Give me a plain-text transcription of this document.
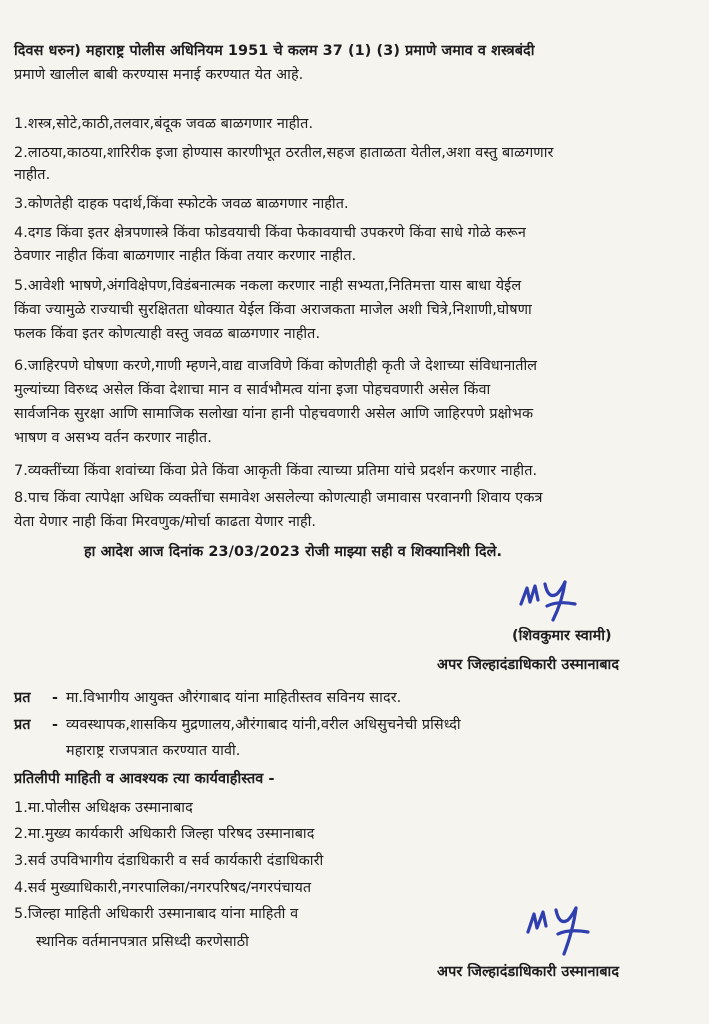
दिवस धरुन) महाराष्ट्र पोलीस अधिनियम 1951 चे कलम 37 (1) (3) प्रमाणे जमाव व शस्त्रबंदी
प्रमाणे खालील बाबी करण्यास मनाई करण्यात येत आहे.
1.शस्त्र,सोटे,काठी,तलवार,बंदूक जवळ बाळगणार नाहीत.
2.लाठया,काठया,शारिरीक इजा होण्यास कारणीभूत ठरतील,सहज हाताळता येतील,अशा वस्तु बाळगणार
नाहीत.
3.कोणतेही दाहक पदार्थ,किंवा स्फोटके जवळ बाळगणार नाहीत.
4.दगड किंवा इतर क्षेत्रपणास्त्रे किंवा फोडवयाची किंवा फेकावयाची उपकरणे किंवा साधे गोळे करून
ठेवणार नाहीत किंवा बाळगणार नाहीत किंवा तयार करणार नाहीत.
5.आवेशी भाषणे,अंगविक्षेपण,विडंबनात्मक नकला करणार नाही सभ्यता,नितिमत्ता यास बाधा येईल
किंवा ज्यामुळे राज्याची सुरक्षितता धोक्यात येईल किंवा अराजकता माजेल अशी चित्रे,निशाणी,घोषणा
फलक किंवा इतर कोणत्याही वस्तु जवळ बाळगणार नाहीत.
6.जाहिरपणे घोषणा करणे,गाणी म्हणने,वाद्य वाजविणे किंवा कोणतीही कृती जे देशाच्या संविधानातील
मुल्यांच्या विरुध्द असेल किंवा देशाचा मान व सार्वभौमत्व यांना इजा पोहचवणारी असेल किंवा
सार्वजनिक सुरक्षा आणि सामाजिक सलोखा यांना हानी पोहचवणारी असेल आणि जाहिरपणे प्रक्षोभक
भाषण व असभ्य वर्तन करणार नाहीत.
7.व्यक्तींच्या किंवा शवांच्या किंवा प्रेते किंवा आकृती किंवा त्याच्या प्रतिमा यांचे प्रदर्शन करणार नाहीत.
8.पाच किंवा त्यापेक्षा अधिक व्यक्तींचा समावेश असलेल्या कोणत्याही जमावास परवानगी शिवाय एकत्र
येता येणार नाही किंवा मिरवणुक/मोर्चा काढता येणार नाही.
हा आदेश आज दिनांक 23/03/2023 रोजी माझ्या सही व शिक्यानिशी दिले.
(शिवकुमार स्वामी)
अपर जिल्हादंडाधिकारी उस्मानाबाद
प्रत - मा.विभागीय आयुक्त औरंगाबाद यांना माहितीस्तव सविनय सादर.
प्रत - व्यवस्थापक,शासकिय मुद्रणालय,औरंगाबाद यांनी,वरील अधिसुचनेची प्रसिध्दी
महाराष्ट्र राजपत्रात करण्यात यावी.
प्रतिलीपी माहिती व आवश्यक त्या कार्यवाहीस्तव -
1.मा.पोलीस अधिक्षक उस्मानाबाद
2.मा.मुख्य कार्यकारी अधिकारी जिल्हा परिषद उस्मानाबाद
3.सर्व उपविभागीय दंडाधिकारी व सर्व कार्यकारी दंडाधिकारी
4.सर्व मुख्याधिकारी,नगरपालिका/नगरपरिषद/नगरपंचायत
5.जिल्हा माहिती अधिकारी उस्मानाबाद यांना माहिती व
स्थानिक वर्तमानपत्रात प्रसिध्दी करणेसाठी
अपर जिल्हादंडाधिकारी उस्मानाबाद
